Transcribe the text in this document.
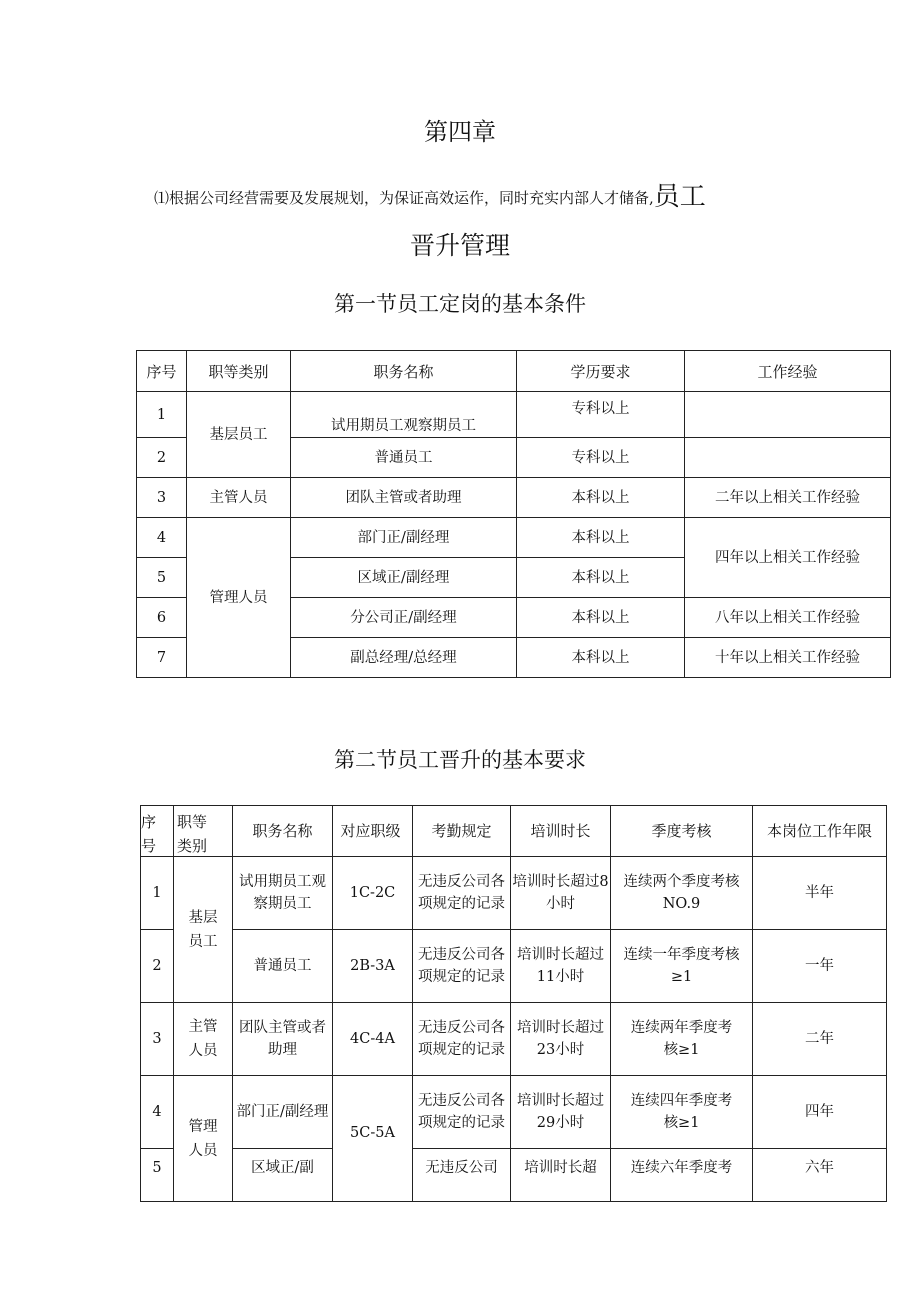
第四章
⑴根据公司经营需要及发展规划，为保证高效运作，同时充实内部人才储备,员工
晋升管理
第一节员工定岗的基本条件
序号	职等类别	职务名称	学历要求	工作经验
1	基层员工	试用期员工观察期员工	专科以上	
2		普通员工	专科以上	
3	主管人员	团队主管或者助理	本科以上	二年以上相关工作经验
4	管理人员	部门正/副经理	本科以上	四年以上相关工作经验
5		区域正/副经理	本科以上	
6		分公司正/副经理	本科以上	八年以上相关工作经验
7		副总经理/总经理	本科以上	十年以上相关工作经验
第二节员工晋升的基本要求
序号	职等类别	职务名称	对应职级	考勤规定	培训时长	季度考核	本岗位工作年限
1	基层员工	试用期员工观察期员工	1C-2C	无违反公司各项规定的记录	培训时长超过8小时	连续两个季度考核NO.9	半年
2		普通员工	2B-3A	无违反公司各项规定的记录	培训时长超过11小时	连续一年季度考核≥1	一年
3	主管人员	团队主管或者助理	4C-4A	无违反公司各项规定的记录	培训时长超过23小时	连续两年季度考核≥1	二年
4	管理人员	部门正/副经理	5C-5A	无违反公司各项规定的记录	培训时长超过29小时	连续四年季度考核≥1	四年
5		区域正/副		无违反公司	培训时长超	连续六年季度考	六年
